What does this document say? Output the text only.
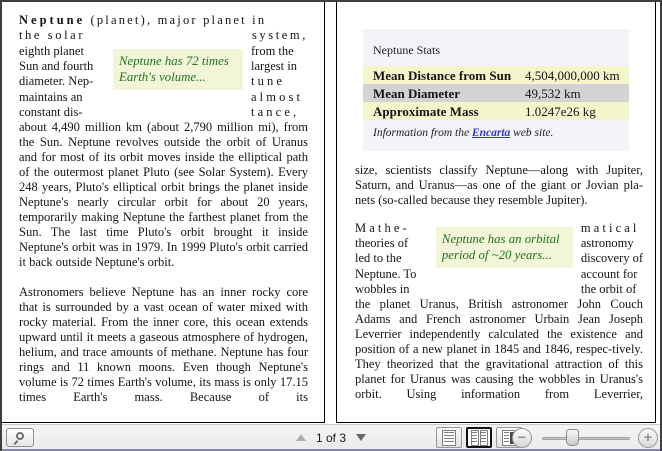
Neptune (planet), major planet in
the solar	system,
eighth planet
Sun and fourth
diameter. Nep-
maintains an
constant dis-
Neptune has 72 times Earth's volume...
from the
largest in
t u n e
a l m o s t
t a n c e ,
about 4,490 million km (about 2,790 million mi), from the Sun. Neptune revolves outside the orbit of Uranus and for most of its orbit moves inside the elliptical path of the outermost planet Pluto (see Solar System). Every 248 years, Pluto's elliptical orbit brings the planet inside Neptune's nearly circular orbit for about 20 years, temporarily making Neptune the farthest planet from the Sun. The last time Pluto's orbit brought it inside Neptune's orbit was in 1979. In 1999 Pluto's orbit carried it back outside Neptune's orbit.
Astronomers believe Neptune has an inner rocky core that is surrounded by a vast ocean of water mixed with rocky material. From the inner core, this ocean extends upward until it meets a gaseous atmosphere of hydrogen, helium, and trace amounts of methane. Neptune has four rings and 11 known moons. Even though Neptune's volume is 72 times Earth's volume, its mass is only 17.15 times Earth's mass. Because of its
Neptune Stats
Mean Distance from Sun	4,504,000,000 km
Mean Diameter	49,532 km
Approximate Mass	1.0247e26 kg
Information from the Encarta web site.
size, scientists classify Neptune—along with Jupiter, Saturn, and Uranus—as one of the giant or Jovian pla-nets (so-called because they resemble Jupiter).
M a t h e -
theories of
led to the
Neptune. To
wobbles in
Neptune has an orbital period of ~20 years...
m a t i c a l
astronomy
discovery of
account for
the orbit of
the planet Uranus, British astronomer John Couch Adams and French astronomer Urbain Jean Joseph Leverrier independently calculated the existence and position of a new planet in 1845 and 1846, respec-tively. They theorized that the gravitational attraction of this planet for Uranus was causing the wobbles in Uranus's orbit. Using information from Leverrier,
1 of 3	−	+
